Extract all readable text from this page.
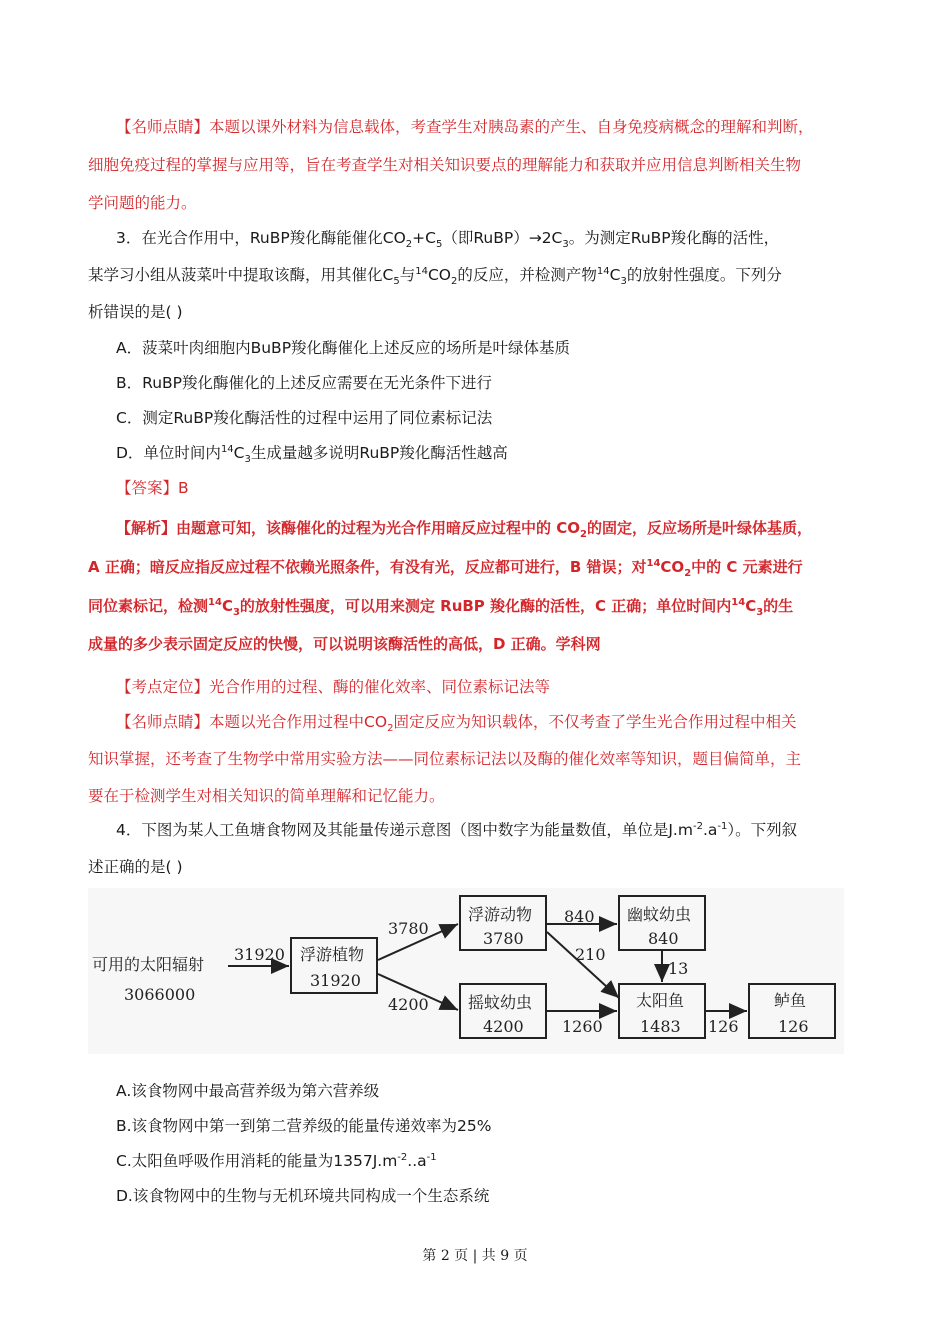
【名师点睛】本题以课外材料为信息载体，考查学生对胰岛素的产生、自身免疫病概念的理解和判断，
细胞免疫过程的掌握与应用等，旨在考查学生对相关知识要点的理解能力和获取并应用信息判断相关生物
学问题的能力。
3．在光合作用中，RuBP羧化酶能催化$CO_2+C_5$（即$RuBP)\to 2C_3$。为测定RuBP羧化酶的活性，
某学习小组从菠菜叶中提取该酶，用其催化$C_5$与$^{14}CO_2$的反应，并检测产物$^{14}C_3$的放射性强度。下列分
析错误的是( )
A．菠菜叶肉细胞内BuBP羧化酶催化上述反应的场所是叶绿体基质
B．RuBP羧化酶催化的上述反应需要在无光条件下进行
C．测定RuBP羧化酶活性的过程中运用了同位素标记法
D．单位时间内$^{14}C_3$生成量越多说明RuBP羧化酶活性越高
【答案】B
【解析】由题意可知，该酶催化的过程为光合作用暗反应过程中的 $CO_2$的固定，反应场所是叶绿体基质，
A 正确；暗反应指反应过程不依赖光照条件，有没有光，反应都可进行，B 错误；对$^{14}CO_2$中的 C 元素进行
同位素标记，检测$^{14}C_3$的放射性强度，可以用来测定 RuBP 羧化酶的活性，C 正确；单位时间内$^{14}C_3$的生
成量的多少表示固定反应的快慢，可以说明该酶活性的高低，D 正确。学科网
【考点定位】光合作用的过程、酶的催化效率、同位素标记法等
【名师点睛】本题以光合作用过程中$CO_2$固定反应为知识载体，不仅考查了学生光合作用过程中相关
知识掌握，还考查了生物学中常用实验方法——同位素标记法以及酶的催化效率等知识，题目偏简单，主
要在于检测学生对相关知识的简单理解和记忆能力。
4．下图为某人工鱼塘食物网及其能量传递示意图（图中数字为能量数值，单位是$J.m^{-2}.a^{-1}$）。下列叙
述正确的是( )
可用的太阳辐射
3066000
31920 浮游植物
31920
3780
4200
浮游动物
3780
摇蚊幼虫
4200
840
210
1260
幽蚊幼虫
840
13
太阳鱼
1483 126
鲈鱼
126
A.该食物网中最高营养级为第六营养级
B.该食物网中第一到第二营养级的能量传递效率为25%
C.太阳鱼呼吸作用消耗的能量为$1357J.m^{-2}..a^{-1}$
D.该食物网中的生物与无机环境共同构成一个生态系统
第 2 页 | 共 9 页
